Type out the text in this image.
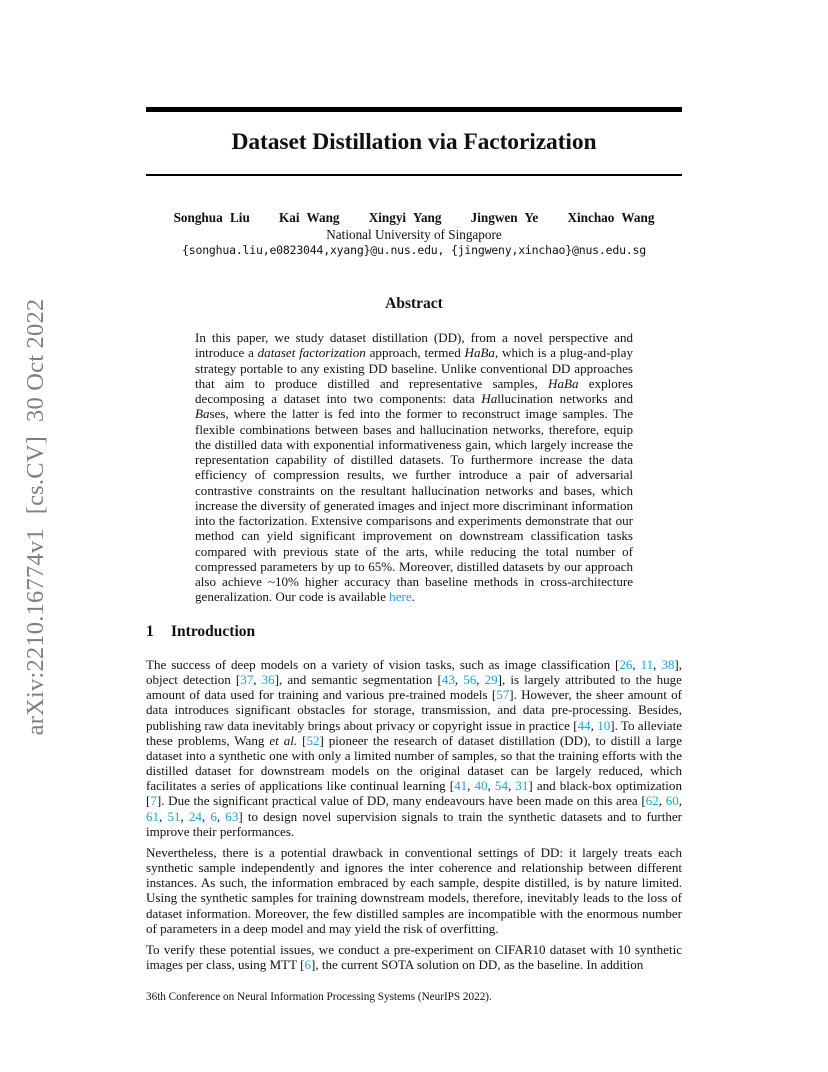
arXiv:2210.16774v1[cs.CV]30 Oct 2022
Dataset Distillation via Factorization
Songhua Liu    Kai Wang    Xingyi Yang    Jingwen Ye    Xinchao Wang
National University of Singapore
{songhua.liu,e0823044,xyang}@u.nus.edu, {jingweny,xinchao}@nus.edu.sg
Abstract
In this paper, we study dataset distillation (DD), from a novel perspective and introduce a dataset factorization approach, termed HaBa, which is a plug-and-play strategy portable to any existing DD baseline. Unlike conventional DD approaches that aim to produce distilled and representative samples, HaBa explores decomposing a dataset into two components: data Hallucination networks and Bases, where the latter is fed into the former to reconstruct image samples. The flexible combinations between bases and hallucination networks, therefore, equip the distilled data with exponential informativeness gain, which largely increase the representation capability of distilled datasets. To furthermore increase the data efficiency of compression results, we further introduce a pair of adversarial contrastive constraints on the resultant hallucination networks and bases, which increase the diversity of generated images and inject more discriminant information into the factorization. Extensive comparisons and experiments demonstrate that our method can yield significant improvement on downstream classification tasks compared with previous state of the arts, while reducing the total number of compressed parameters by up to 65%. Moreover, distilled datasets by our approach also achieve ~10% higher accuracy than baseline methods in cross-architecture generalization. Our code is available here.
1 Introduction

The success of deep models on a variety of vision tasks, such as image classification [26, 11, 38], object detection [37, 36], and semantic segmentation [43, 56, 29], is largely attributed to the huge amount of data used for training and various pre-trained models [57]. However, the sheer amount of data introduces significant obstacles for storage, transmission, and data pre-processing. Besides, publishing raw data inevitably brings about privacy or copyright issue in practice [44, 10]. To alleviate these problems, Wang et al. [52] pioneer the research of dataset distillation (DD), to distill a large dataset into a synthetic one with only a limited number of samples, so that the training efforts with the distilled dataset for downstream models on the original dataset can be largely reduced, which facilitates a series of applications like continual learning [41, 40, 54, 31] and black-box optimization [7]. Due the significant practical value of DD, many endeavours have been made on this area [62, 60, 61, 51, 24, 6, 63] to design novel supervision signals to train the synthetic datasets and to further improve their performances.

Nevertheless, there is a potential drawback in conventional settings of DD: it largely treats each synthetic sample independently and ignores the inter coherence and relationship between different instances. As such, the information embraced by each sample, despite distilled, is by nature limited. Using the synthetic samples for training downstream models, therefore, inevitably leads to the loss of dataset information. Moreover, the few distilled samples are incompatible with the enormous number of parameters in a deep model and may yield the risk of overfitting.

To verify these potential issues, we conduct a pre-experiment on CIFAR10 dataset with 10 synthetic images per class, using MTT [6], the current SOTA solution on DD, as the baseline. In addition

36th Conference on Neural Information Processing Systems (NeurIPS 2022).
